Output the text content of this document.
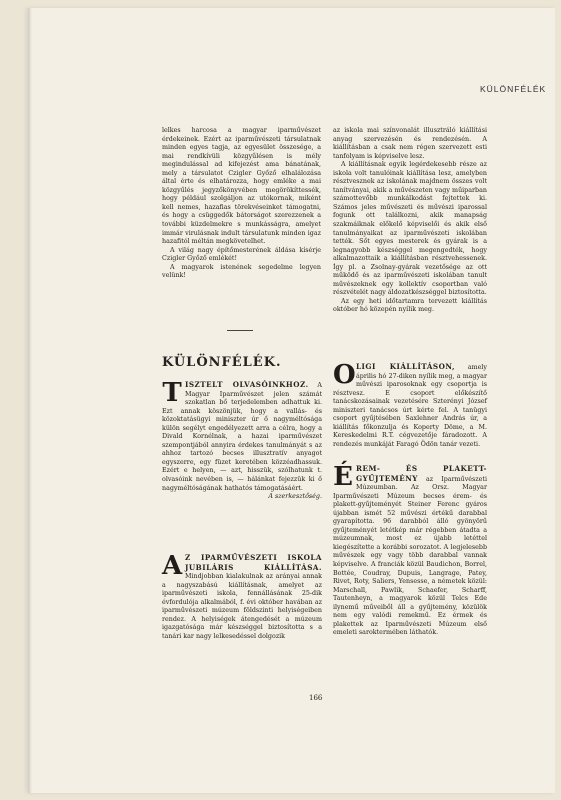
KÜLÖNFÉLÉK

lelkes harcosa a magyar iparművészet érdekeinek. Ezért az iparművészeti társulatnak minden egyes tagja, az egyesület összesége, a mai rendkívüli közgyűlésen is mély megindulással ad kifejezést ama bánatának, mely a társulatot Czigler Győző elhalálozása által érte és elhatározza, hogy emléke a mai közgyűlés jegyzőkönyvében megörökíttessék, hogy például szolgáljon az utókornak, miként kell nemes, hazafias törekvéseinket támogatni, és hogy a csüggedők bátorságot szerezzenek a további küzdelmekre s munkásságra, amelyet immár virulásnak indult társulatunk minden igaz hazafitól méltán megkövetelhet.

A világ nagy építőmesterének áldása kísérje Czigler Győző emlékét!

A magyarok istenének segedelme legyen velünk!

KÜLÖNFÉLÉK.

az iskola mai színvonalát illusztráló kiállítási anyag szervezésén és rendezésén. A kiállításban a csak nem régen szervezett esti tanfolyam is képviselve lesz.

A kiállításnak egyik legérdekesebb része az iskola volt tanulóinak kiállítása lesz, amelyben résztvesznek az iskolának majdnem összes volt tanítványai, akik a művészeten vagy műiparban számottevőbb munkálkodást fejtettek ki. Számos jeles művészeti és művészi iparossal fogunk ott találkozni, akik manapság szakmáiknak előkelő képviselői és akik első tanulmányaikat az iparművészeti iskolában tették. Sőt egyes mesterek és gyárak is a legnagyobb készséggel megengedték, hogy alkalmazottaik a kiállításban résztvehessenek. Így pl. a Zsolnay-gyárak vezetősége az ott működő és az iparművészeti iskolában tanult művészeknek egy kollektív csoportban való részvételét nagy áldozatkészséggel biztosította.

Az egy heti időtartamra tervezett kiállítás október hó közepén nyílik meg.

T ISZTELT OLVASÓINKHOZ. A Magyar Iparművészet jelen számát szokatlan bő terjedelemben adhattuk ki. Ezt annak köszönjük, hogy a vallás- és közoktatásügyi miniszter úr ő nagyméltósága külön segélyt engedélyezett arra a célra, hogy a Divald Kornélnak, a hazai iparművészet szempontjából annyira érdekes tanulmányát s az ahhoz tartozó becses illusztratív anyagot egyszerre, egy füzet keretében közzéadhassuk. Ezért e helyen, — azt, hisszük, szólhatunk t. olvasóink nevében is, — hálánkat fejezzük ki ő nagyméltóságának hathatós támogatásáért.

A szerkesztőség.

A Z IPARMŰVÉSZETI ISKOLA JUBILÁRIS KIÁLLÍTÁSA. Mindjobban kialakulnak az arányai annak a nagyszabású kiállításnak, amelyet az iparművészeti iskola, fennállásának 25-dik évfordulója alkalmából, f. évi október havában az iparművészeti múzeum földszinti helyiségeiben rendez. A helyiségek átengedését a múzeum igazgatósága már készséggel biztosította s a tanári kar nagy lelkesedéssel dolgozik
O LIGI KIÁLLÍTÁSON, amely április hó 27-diken nyílik meg, a magyar művészi iparosoknak egy csoportja is résztvesz. E csoport előkészítő tanácskozásainak vezetésére Szterényi József miniszteri tanácsos úrt kérte fel. A tanügyi csoport gyűjtésében Saxlehner András úr, a kiállítás főkonzulja és Koperty Döme, a M. Kereskedelmi R.T. cégvezetője fáradozott. A rendezés munkáját Faragó Ödön tanár vezeti.
É REM- ÉS PLAKETT-GYŰJTEMÉNY az Iparművészeti Múzeumban. Az Orsz. Magyar Iparművészeti Múzeum becses érem- és plakett-gyűjteményét Steiner Ferenc gyáros újabban ismét 52 művészi értékű darabbal gyarapította. 96 darabból álló gyönyörű gyűjteményét letétkép már régebben átadta a múzeumnak, most ez újabb letéttel kiegészítette a korábbi sorozatot. A legjelesebb művészek egy vagy több darabbal vannak képviselve. A franciák közül Baudichon, Borrel, Bottée, Coudray, Dupuis, Langrage, Patey, Rivet, Roty, Saliers, Yensesse, a németek közül: Marschall, Pawlik, Schaefer, Scharff, Tautenheyn, a magyarok közül Telcs Ede ilynemű műveiből áll a gyűjtemény, közülök nem egy valódi remekmű. Ez érmek és plakettek az Iparművészeti Múzeum első emeleti saroktermében láthatók.
166
